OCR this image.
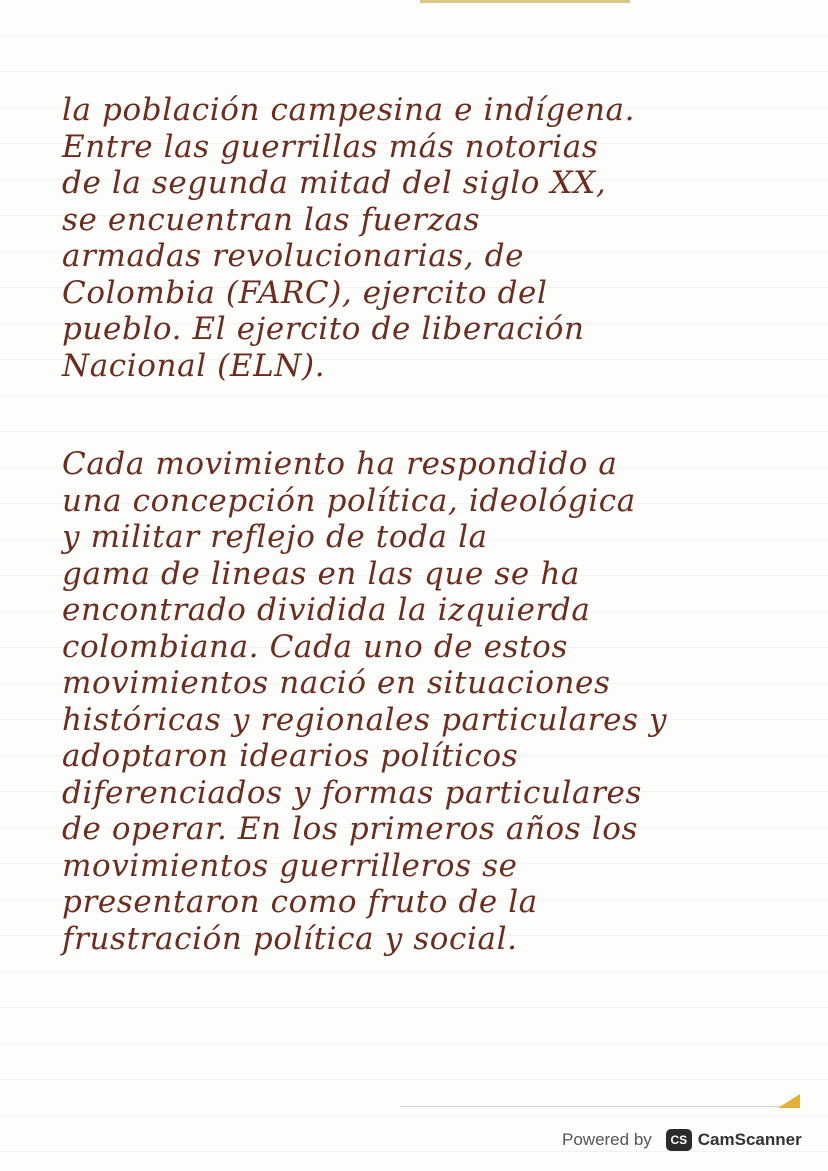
la población campesina e indígena.
Entre las guerrillas más notorias
de la segunda mitad del siglo XX,
se encuentran las fuerzas
armadas revolucionarias, de
Colombia (FARC), ejercito del
pueblo. El ejercito de liberación
Nacional (ELN).

Cada movimiento ha respondido a
una concepción política, ideológica
y militar reflejo de toda la
gama de lineas en las que se ha
encontrado dividida la izquierda
colombiana. Cada uno de estos
movimientos nació en situaciones
históricas y regionales particulares y
adoptaron idearios políticos
diferenciados y formas particulares
de operar. En los primeros años los
movimientos guerrilleros se
presentaron como fruto de la
frustración política y social.

Powered by	CS CamScanner
